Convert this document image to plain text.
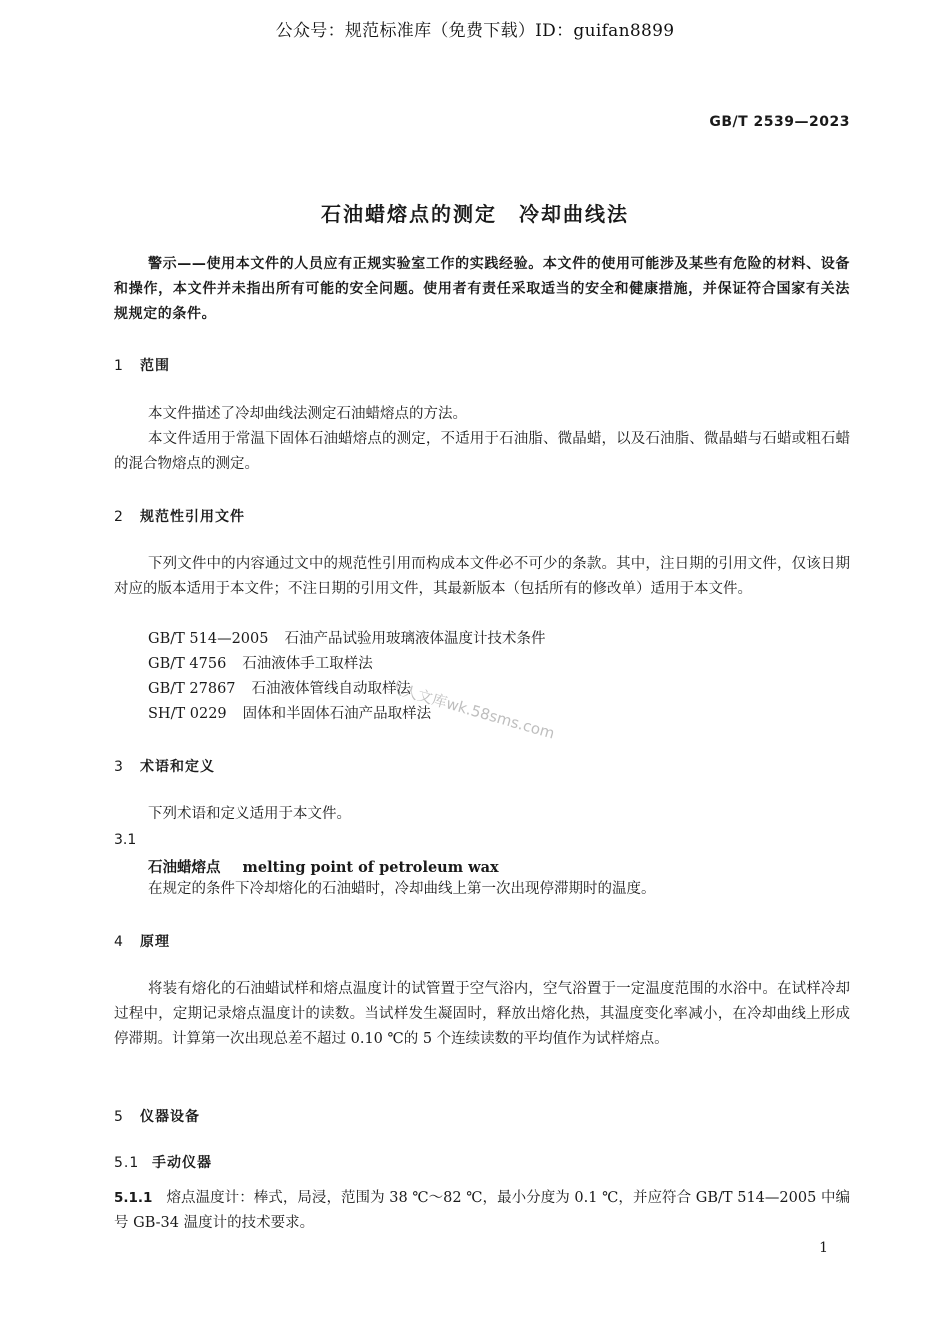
公众号：规范标准库（免费下载）ID：guifan8899
GB/T 2539—2023
石油蜡熔点的测定　冷却曲线法

警示——使用本文件的人员应有正规实验室工作的实践经验。本文件的使用可能涉及某些有危险的材料、设备和操作，本文件并未指出所有可能的安全问题。使用者有责任采取适当的安全和健康措施，并保证符合国家有关法规规定的条件。

1 范围

本文件描述了冷却曲线法测定石油蜡熔点的方法。

本文件适用于常温下固体石油蜡熔点的测定，不适用于石油脂、微晶蜡，以及石油脂、微晶蜡与石蜡或粗石蜡的混合物熔点的测定。

2 规范性引用文件

下列文件中的内容通过文中的规范性引用而构成本文件必不可少的条款。其中，注日期的引用文件，仅该日期对应的版本适用于本文件；不注日期的引用文件，其最新版本（包括所有的修改单）适用于本文件。

GB/T 514—2005 石油产品试验用玻璃液体温度计技术条件
GB/T 4756 石油液体手工取样法
GB/T 27867 石油液体管线自动取样法
SH/T 0229 固体和半固体石油产品取样法
3 术语和定义

下列术语和定义适用于本文件。

3.1
石油蜡熔点 melting point of petroleum wax

在规定的条件下冷却熔化的石油蜡时，冷却曲线上第一次出现停滞期时的温度。

4 原理

将装有熔化的石油蜡试样和熔点温度计的试管置于空气浴内，空气浴置于一定温度范围的水浴中。在试样冷却过程中，定期记录熔点温度计的读数。当试样发生凝固时，释放出熔化热，其温度变化率减小，在冷却曲线上形成停滞期。计算第一次出现总差不超过 0.10 ℃的 5 个连续读数的平均值作为试样熔点。

5 仪器设备
5.1 手动仪器
5.1.1 熔点温度计：棒式，局浸，范围为 38 ℃～82 ℃，最小分度为 0.1 ℃，并应符合 GB/T 514—2005 中编号 GB-34 温度计的技术要求。
人人文库wk.58sms.com
1
